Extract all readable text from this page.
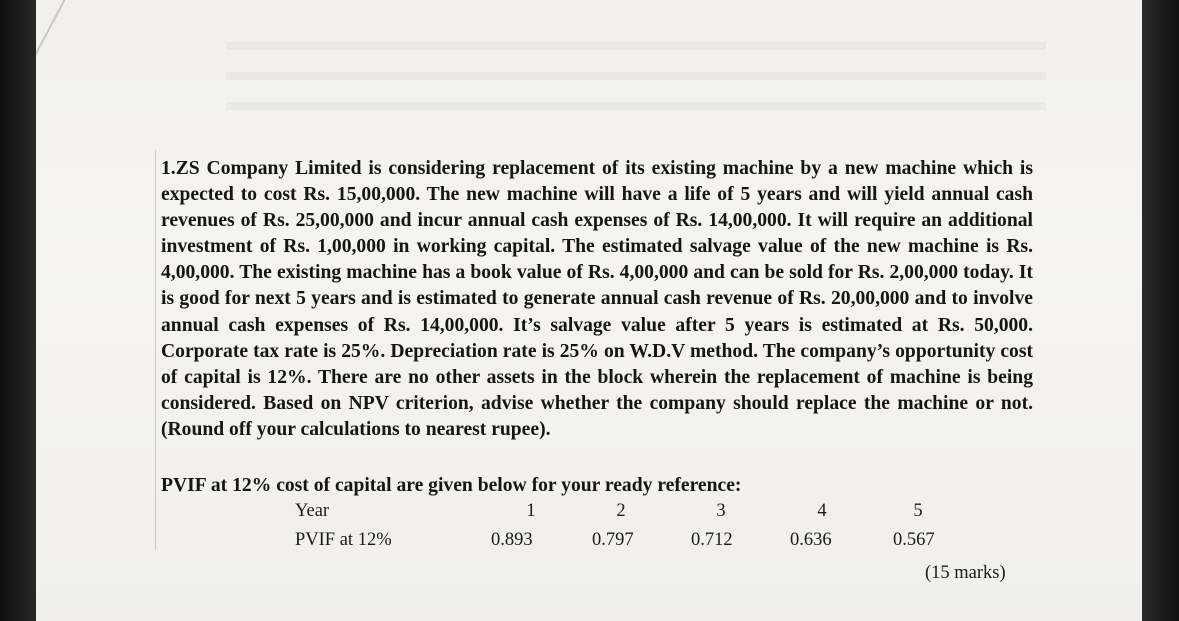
1.ZS Company Limited is considering replacement of its existing machine by a new machine which is expected to cost Rs. 15,00,000. The new machine will have a life of 5 years and will yield annual cash revenues of Rs. 25,00,000 and incur annual cash expenses of Rs. 14,00,000. It will require an additional investment of Rs. 1,00,000 in working capital. The estimated salvage value of the new machine is Rs. 4,00,000. The existing machine has a book value of Rs. 4,00,000 and can be sold for Rs. 2,00,000 today. It is good for next 5 years and is estimated to generate annual cash revenue of Rs. 20,00,000 and to involve annual cash expenses of Rs. 14,00,000. It’s salvage value after 5 years is estimated at Rs. 50,000. Corporate tax rate is 25%. Depreciation rate is 25% on W.D.V method. The company’s opportunity cost of capital is 12%. There are no other assets in the block wherein the replacement of machine is being considered. Based on NPV criterion, advise whether the company should replace the machine or not. (Round off your calculations to nearest rupee).

PVIF at 12% cost of capital are given below for your ready reference:

Year	1	2	3	4	5
PVIF at 12%	0.893	0.797	0.712	0.636	0.567
(15 marks)
